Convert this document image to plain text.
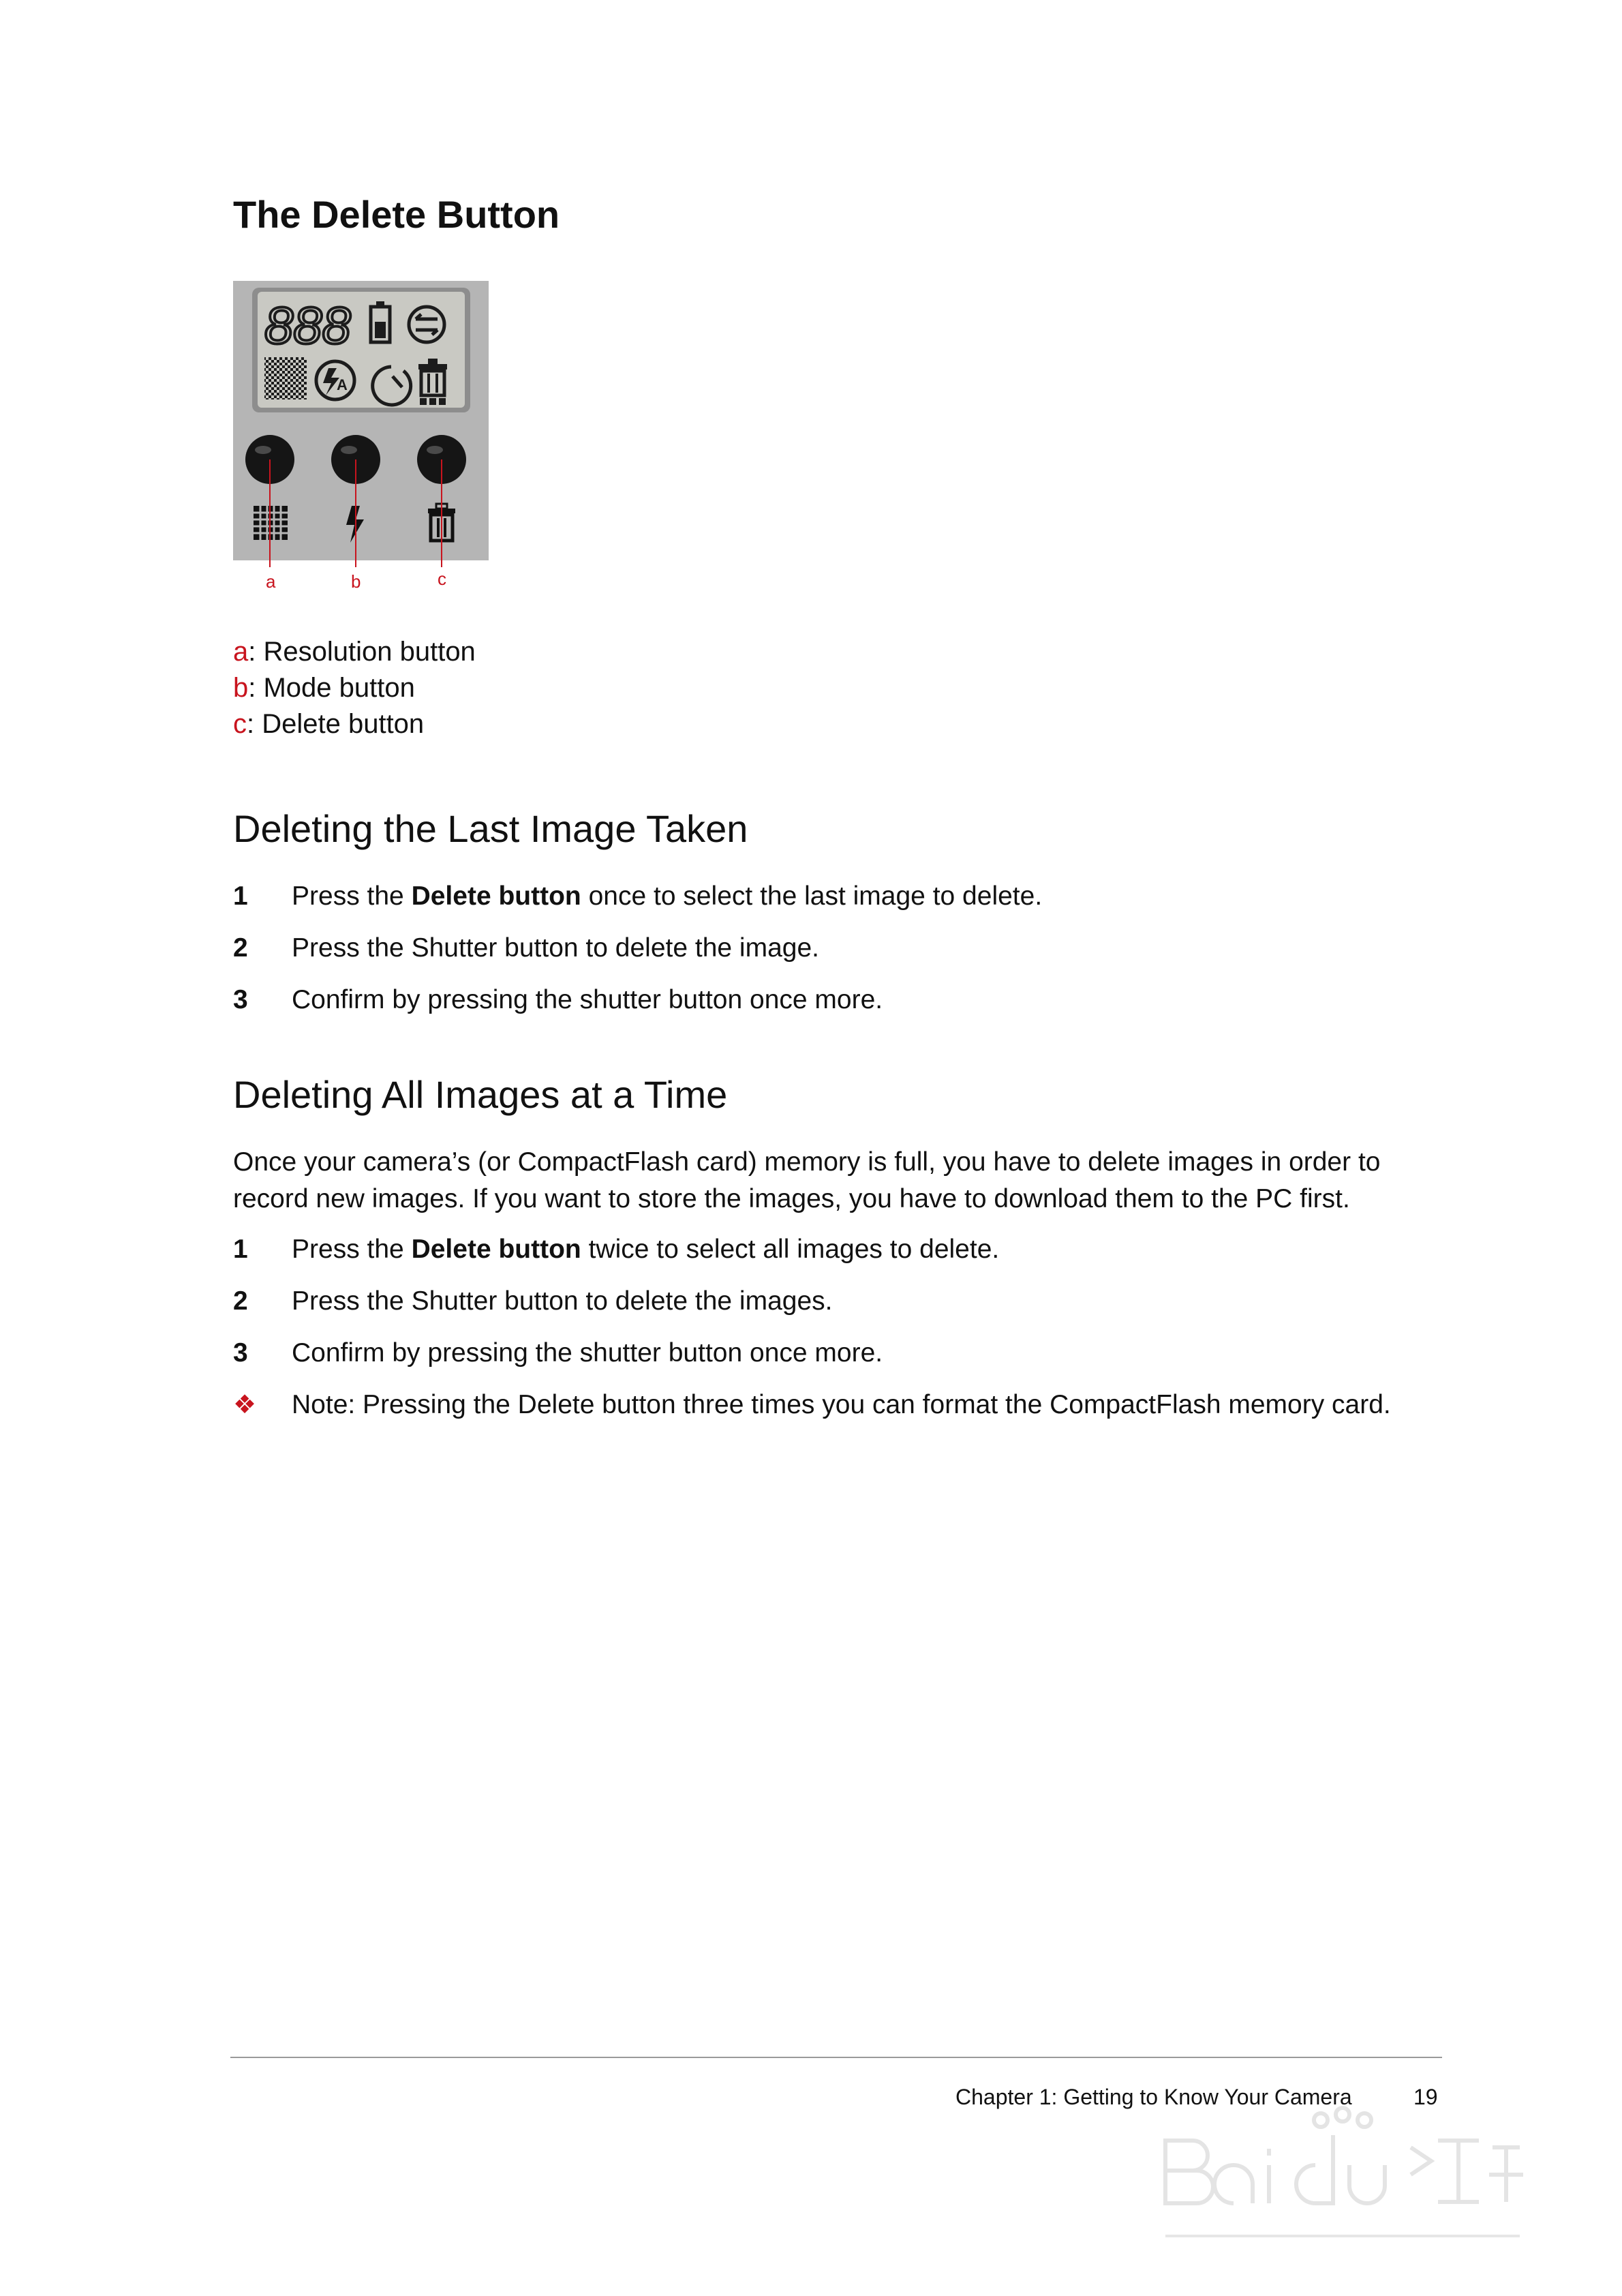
The Delete Button
888
A
a	b	c
a: Resolution button
b: Mode button
c: Delete button
Deleting the Last Image Taken
1 Press the Delete button once to select the last image to delete.
2 Press the Shutter button to delete the image.
3 Confirm by pressing the shutter button once more.
Deleting All Images at a Time
Once your camera’s (or CompactFlash card) memory is full, you have to delete images in order to record new images. If you want to store the images, you have to download them to the PC first.
1 Press the Delete button twice to select all images to delete.
2 Press the Shutter button to delete the images.
3 Confirm by pressing the shutter button once more.
❖ Note: Pressing the Delete button three times you can format the CompactFlash memory card.
Chapter 1: Getting to Know Your Camera	19
